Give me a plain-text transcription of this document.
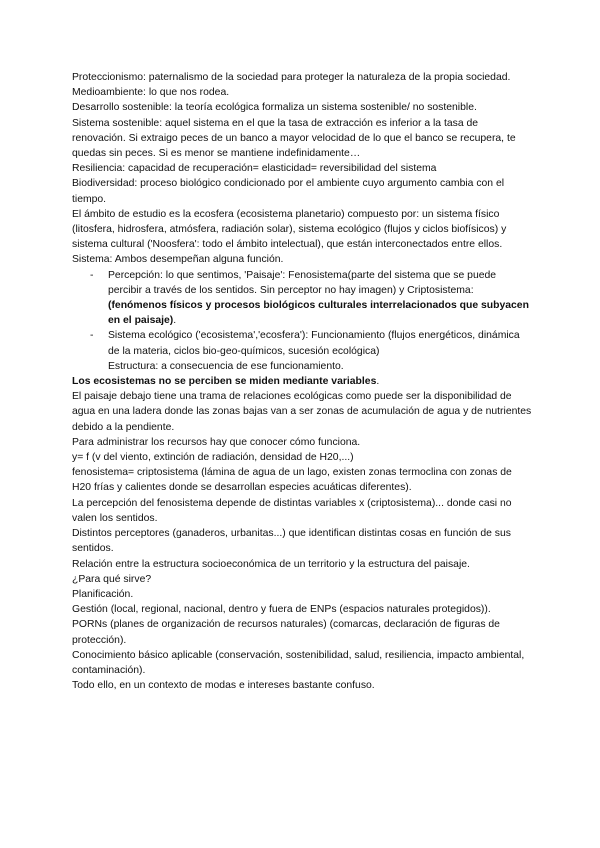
Proteccionismo: paternalismo de la sociedad para proteger la naturaleza de la propia sociedad.

Medioambiente: lo que nos rodea.

Desarrollo sostenible: la teoría ecológica formaliza un sistema sostenible/ no sostenible.

Sistema sostenible: aquel sistema en el que la tasa de extracción es inferior a la tasa de renovación. Si extraigo peces de un banco a mayor velocidad de lo que el banco se recupera, te quedas sin peces. Si es menor se mantiene indefinidamente…

Resiliencia: capacidad de recuperación= elasticidad= reversibilidad del sistema

Biodiversidad: proceso biológico condicionado por el ambiente cuyo argumento cambia con el tiempo.

El ámbito de estudio es la ecosfera (ecosistema planetario) compuesto por: un sistema físico (litosfera, hidrosfera, atmósfera, radiación solar), sistema ecológico (flujos y ciclos biofísicos) y sistema cultural ('Noosfera': todo el ámbito intelectual), que están interconectados entre ellos.

Sistema: Ambos desempeñan alguna función.

- Percepción: lo que sentimos, 'Paisaje': Fenosistema(parte del sistema que se puede percibir a través de los sentidos. Sin perceptor no hay imagen) y Criptosistema: (fenómenos físicos y procesos biológicos culturales interrelacionados que subyacen en el paisaje).
- Sistema ecológico ('ecosistema','ecosfera'): Funcionamiento (flujos energéticos, dinámica de la materia, ciclos bio-geo-químicos, sucesión ecológica)
Estructura: a consecuencia de ese funcionamiento.

Los ecosistemas no se perciben se miden mediante variables.

El paisaje debajo tiene una trama de relaciones ecológicas como puede ser la disponibilidad de agua en una ladera donde las zonas bajas van a ser zonas de acumulación de agua y de nutrientes debido a la pendiente.

Para administrar los recursos hay que conocer cómo funciona.

y= f (v del viento, extinción de radiación, densidad de H20,...)

fenosistema= criptosistema (lámina de agua de un lago, existen zonas termoclina con zonas de H20 frías y calientes donde se desarrollan especies acuáticas diferentes).

La percepción del fenosistema depende de distintas variables x (criptosistema)... donde casi no valen los sentidos.

Distintos perceptores (ganaderos, urbanitas...) que identifican distintas cosas en función de sus sentidos.

Relación entre la estructura socioeconómica de un territorio y la estructura del paisaje.

¿Para qué sirve?

Planificación.

Gestión (local, regional, nacional, dentro y fuera de ENPs (espacios naturales protegidos)).

PORNs (planes de organización de recursos naturales) (comarcas, declaración de figuras de protección).

Conocimiento básico aplicable (conservación, sostenibilidad, salud, resiliencia, impacto ambiental, contaminación).

Todo ello, en un contexto de modas e intereses bastante confuso.
